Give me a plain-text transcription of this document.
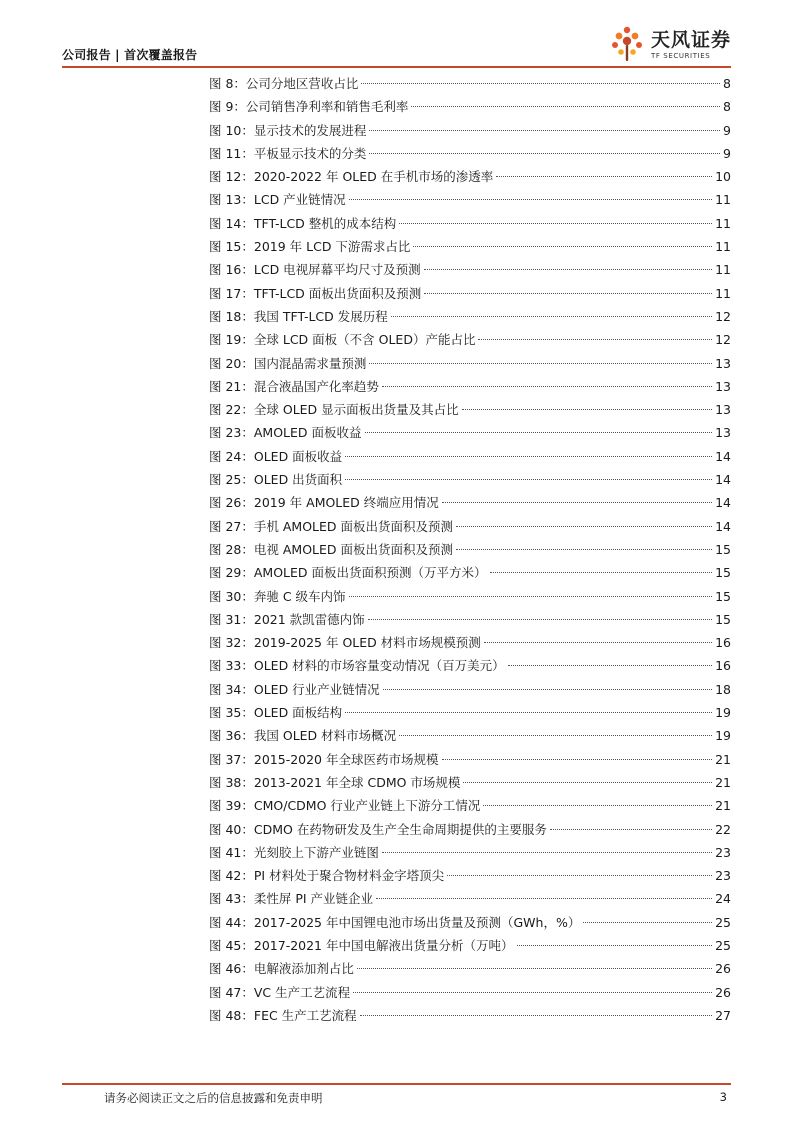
公司报告 | 首次覆盖报告
天风证券
TF SECURITIES
图 8：公司分地区营收占比	8
图 9：公司销售净利率和销售毛利率	8
图 10：显示技术的发展进程	9
图 11：平板显示技术的分类	9
图 12：2020-2022 年 OLED 在手机市场的渗透率	10
图 13：LCD 产业链情况	11
图 14：TFT-LCD 整机的成本结构	11
图 15：2019 年 LCD 下游需求占比	11
图 16：LCD 电视屏幕平均尺寸及预测	11
图 17：TFT-LCD 面板出货面积及预测	11
图 18：我国 TFT-LCD 发展历程	12
图 19：全球 LCD 面板（不含 OLED）产能占比	12
图 20：国内混晶需求量预测	13
图 21：混合液晶国产化率趋势	13
图 22：全球 OLED 显示面板出货量及其占比	13
图 23：AMOLED 面板收益	13
图 24：OLED 面板收益	14
图 25：OLED 出货面积	14
图 26：2019 年 AMOLED 终端应用情况	14
图 27：手机 AMOLED 面板出货面积及预测	14
图 28：电视 AMOLED 面板出货面积及预测	15
图 29：AMOLED 面板出货面积预测（万平方米）	15
图 30：奔驰 C 级车内饰	15
图 31：2021 款凯雷德内饰	15
图 32：2019-2025 年 OLED 材料市场规模预测	16
图 33：OLED 材料的市场容量变动情况（百万美元）	16
图 34：OLED 行业产业链情况	18
图 35：OLED 面板结构	19
图 36：我国 OLED 材料市场概况	19
图 37：2015-2020 年全球医药市场规模	21
图 38：2013-2021 年全球 CDMO 市场规模	21
图 39：CMO/CDMO 行业产业链上下游分工情况	21
图 40：CDMO 在药物研发及生产全生命周期提供的主要服务	22
图 41：光刻胶上下游产业链图	23
图 42：PI 材料处于聚合物材料金字塔顶尖	23
图 43：柔性屏 PI 产业链企业	24
图 44：2017-2025 年中国锂电池市场出货量及预测（GWh，%）	25
图 45：2017-2021 年中国电解液出货量分析（万吨）	25
图 46：电解液添加剂占比	26
图 47：VC 生产工艺流程	26
图 48：FEC 生产工艺流程	27
请务必阅读正文之后的信息披露和免责申明	3
